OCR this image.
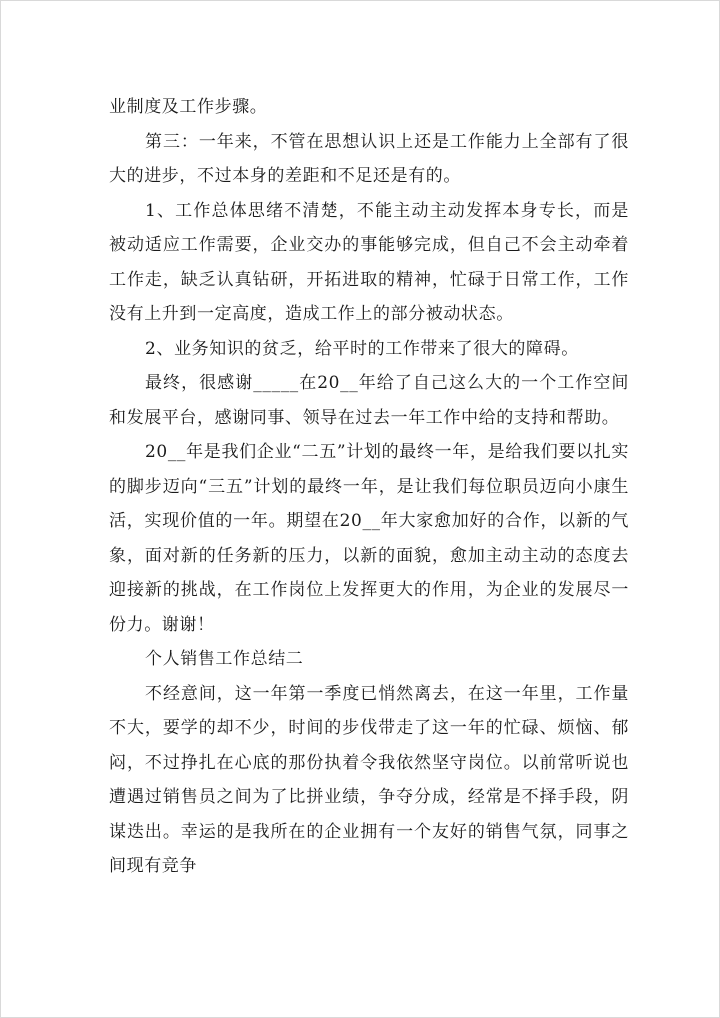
业制度及工作步骤。

第三：一年来，不管在思想认识上还是工作能力上全部有了很大的进步，不过本身的差距和不足还是有的。

1、工作总体思绪不清楚，不能主动主动发挥本身专长，而是被动适应工作需要，企业交办的事能够完成，但自己不会主动牵着工作走，缺乏认真钻研，开拓进取的精神，忙碌于日常工作，工作没有上升到一定高度，造成工作上的部分被动状态。

2、业务知识的贫乏，给平时的工作带来了很大的障碍。

最终，很感谢_____在20__年给了自己这么大的一个工作空间和发展平台，感谢同事、领导在过去一年工作中给的支持和帮助。

20__年是我们企业“二五”计划的最终一年，是给我们要以扎实的脚步迈向“三五”计划的最终一年，是让我们每位职员迈向小康生活，实现价值的一年。期望在20__年大家愈加好的合作，以新的气象，面对新的任务新的压力，以新的面貌，愈加主动主动的态度去迎接新的挑战，在工作岗位上发挥更大的作用，为企业的发展尽一份力。谢谢！

个人销售工作总结二

不经意间，这一年第一季度已悄然离去，在这一年里，工作量不大，要学的却不少，时间的步伐带走了这一年的忙碌、烦恼、郁闷，不过挣扎在心底的那份执着令我依然坚守岗位。以前常听说也遭遇过销售员之间为了比拼业绩，争夺分成，经常是不择手段，阴谋迭出。幸运的是我所在的企业拥有一个友好的销售气氛，同事之间现有竞争
